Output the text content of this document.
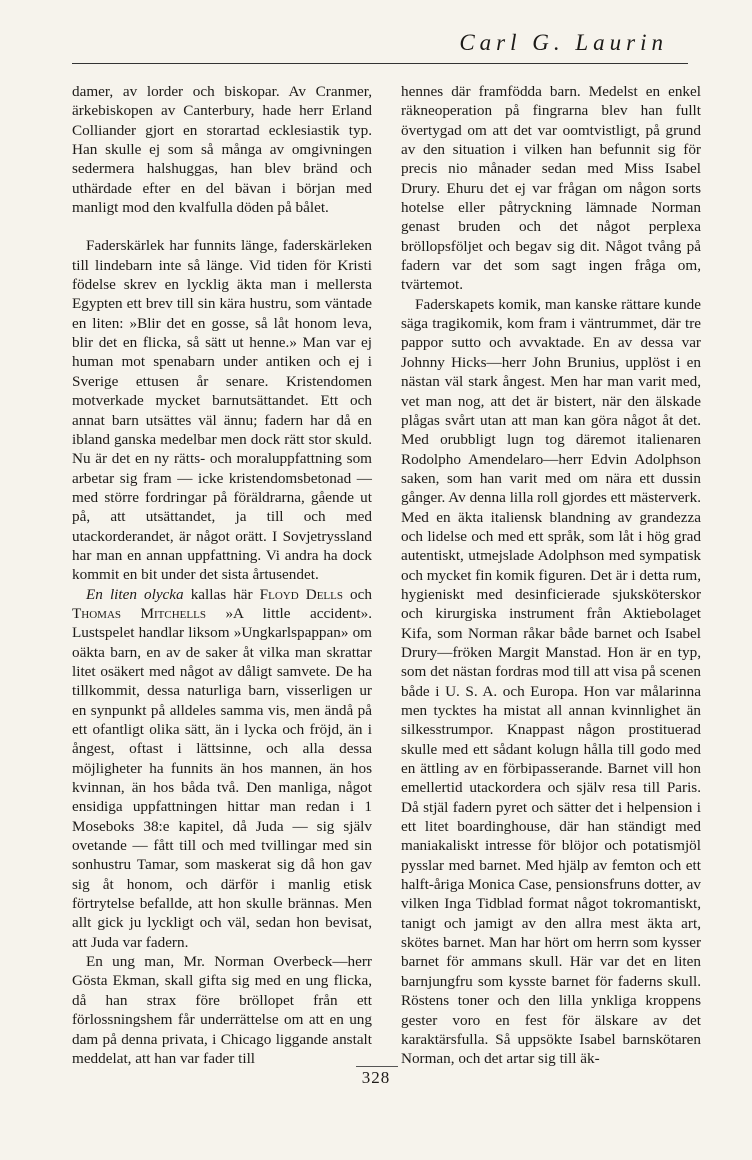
Carl G. Laurin

damer, av lorder och biskopar. Av Cranmer, ärkebiskopen av Canterbury, hade herr Erland Colliander gjort en storartad ecklesiastik typ. Han skulle ej som så många av omgivningen sedermera halshuggas, han blev bränd och uthärdade efter en del bävan i början med manligt mod den kvalfulla döden på bålet.

Faderskärlek har funnits länge, faderskärleken till lindebarn inte så länge. Vid tiden för Kristi födelse skrev en lycklig äkta man i mellersta Egypten ett brev till sin kära hustru, som väntade en liten: »Blir det en gosse, så låt honom leva, blir det en flicka, så sätt ut henne.» Man var ej human mot spenabarn under antiken och ej i Sverige ettusen år senare. Kristendomen motverkade mycket barnutsättandet. Ett och annat barn utsättes väl ännu; fadern har då en ibland ganska medelbar men dock rätt stor skuld. Nu är det en ny rätts- och moraluppfattning som arbetar sig fram — icke kristendomsbetonad — med större fordringar på föräldrarna, gående ut på, att utsättandet, ja till och med utackorderandet, är något orätt. I Sovjetryssland har man en annan uppfattning. Vi andra ha dock kommit en bit under det sista årtusendet.

En liten olycka kallas här Floyd Dells och Thomas Mitchells »A little accident». Lustspelet handlar liksom »Ungkarlspappan» om oäkta barn, en av de saker åt vilka man skrattar litet osäkert med något av dåligt samvete. De ha tillkommit, dessa naturliga barn, visserligen ur en synpunkt på alldeles samma vis, men ändå på ett ofantligt olika sätt, än i lycka och fröjd, än i ångest, oftast i lättsinne, och alla dessa möjligheter ha funnits än hos mannen, än hos kvinnan, än hos båda två. Den manliga, något ensidiga uppfattningen hittar man redan i 1 Moseboks 38:e kapitel, då Juda — sig själv ovetande — fått till och med tvillingar med sin sonhustru Tamar, som maskerat sig då hon gav sig åt honom, och därför i manlig etisk förtrytelse befallde, att hon skulle brännas. Men allt gick ju lyckligt och väl, sedan hon bevisat, att Juda var fadern.

En ung man, Mr. Norman Overbeck—herr Gösta Ekman, skall gifta sig med en ung flicka, då han strax före bröllopet från ett förlossningshem får underrättelse om att en ung dam på denna privata, i Chicago liggande anstalt meddelat, att han var fader till

hennes där framfödda barn. Medelst en enkel räkneoperation på fingrarna blev han fullt övertygad om att det var oomtvistligt, på grund av den situation i vilken han befunnit sig för precis nio månader sedan med Miss Isabel Drury. Ehuru det ej var frågan om någon sorts hotelse eller påtryckning lämnade Norman genast bruden och det något perplexa bröllopsföljet och begav sig dit. Något tvång på fadern var det som sagt ingen fråga om, tvärtemot.

Faderskapets komik, man kanske rättare kunde säga tragikomik, kom fram i väntrummet, där tre pappor sutto och avvaktade. En av dessa var Johnny Hicks—herr John Brunius, upplöst i en nästan väl stark ångest. Men har man varit med, vet man nog, att det är bistert, när den älskade plågas svårt utan att man kan göra något åt det. Med orubbligt lugn tog däremot italienaren Rodolpho Amendelaro—herr Edvin Adolphson saken, som han varit med om nära ett dussin gånger. Av denna lilla roll gjordes ett mästerverk. Med en äkta italiensk blandning av grandezza och lidelse och med ett språk, som låt i hög grad autentiskt, utmejslade Adolphson med sympatisk och mycket fin komik figuren. Det är i detta rum, hygieniskt med desinficierade sjuksköterskor och kirurgiska instrument från Aktiebolaget Kifa, som Norman råkar både barnet och Isabel Drury—fröken Margit Manstad. Hon är en typ, som det nästan fordras mod till att visa på scenen både i U. S. A. och Europa. Hon var målarinna men tycktes ha mistat all annan kvinnlighet än silkesstrumpor. Knappast någon prostituerad skulle med ett sådant kolugn hålla till godo med en ättling av en förbipasserande. Barnet vill hon emellertid utackordera och själv resa till Paris. Då stjäl fadern pyret och sätter det i helpension i ett litet boardinghouse, där han ständigt med maniakaliskt intresse för blöjor och potatismjöl pysslar med barnet. Med hjälp av femton och ett halft-åriga Monica Case, pensionsfruns dotter, av vilken Inga Tidblad format något tokromantiskt, tanigt och jamigt av den allra mest äkta art, skötes barnet. Man har hört om herrn som kysser barnet för ammans skull. Här var det en liten barnjungfru som kysste barnet för faderns skull. Röstens toner och den lilla ynkliga kroppens gester voro en fest för älskare av det karaktärsfulla. Så uppsökte Isabel barnskötaren Norman, och det artar sig till äk-

328
